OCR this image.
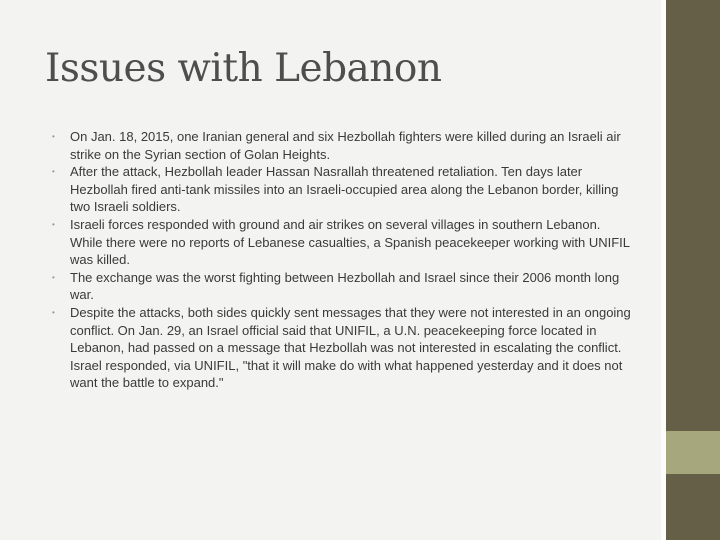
Issues with Lebanon
• On Jan. 18, 2015, one Iranian general and six Hezbollah fighters were killed during an Israeli air strike on the Syrian section of Golan Heights.
• After the attack, Hezbollah leader Hassan Nasrallah threatened retaliation. Ten days later Hezbollah fired anti-tank missiles into an Israeli-occupied area along the Lebanon border, killing two Israeli soldiers.
• Israeli forces responded with ground and air strikes on several villages in southern Lebanon. While there were no reports of Lebanese casualties, a Spanish peacekeeper working with UNIFIL was killed.
• The exchange was the worst fighting between Hezbollah and Israel since their 2006 month long war.
• Despite the attacks, both sides quickly sent messages that they were not interested in an ongoing conflict. On Jan. 29, an Israel official said that UNIFIL, a U.N. peacekeeping force located in Lebanon, had passed on a message that Hezbollah was not interested in escalating the conflict. Israel responded, via UNIFIL, "that it will make do with what happened yesterday and it does not want the battle to expand."
